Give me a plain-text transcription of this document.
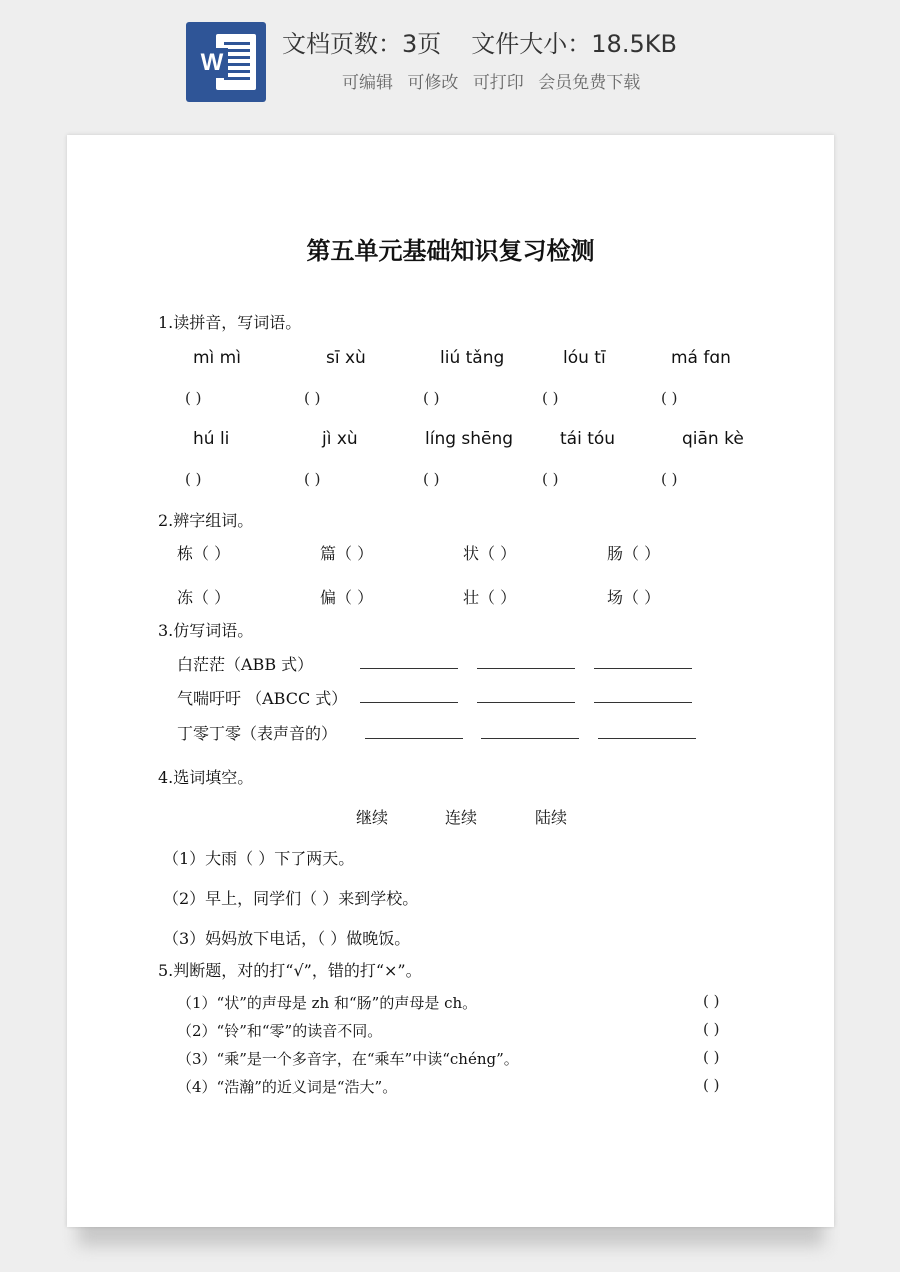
W
文档页数：3页 文件大小：18.5KB
可编辑 可修改 可打印 会员免费下载
第五单元基础知识复习检测
1.读拼音，写词语。
mì mì	sī xù	liú tǎng	lóu tī	má fɑn
( )	( )	( )	( )	( )
hú li	jì xù	líng shēng	tái tóu	qiān kè
( )	( )	( )	( )	( )
2.辨字组词。
栋（ ）	篇（ ）	状（ ）	肠（ ）
冻（ ）	偏（ ）	壮（ ）	场（ ）
3.仿写词语。
白茫茫（ABB 式）
气喘吁吁 （ABCC 式）
丁零丁零（表声音的）
4.选词填空。
继续	连续	陆续
（1）大雨（ ）下了两天。
（2）早上，同学们（ ）来到学校。
（3）妈妈放下电话，（ ）做晚饭。
5.判断题，对的打“√”，错的打“×”。
（1）“状”的声母是 zh 和“肠”的声母是 ch。	( )
（2）“铃”和“零”的读音不同。	( )
（3）“乘”是一个多音字，在“乘车”中读“chéng”。	( )
（4）“浩瀚”的近义词是“浩大”。	( )
